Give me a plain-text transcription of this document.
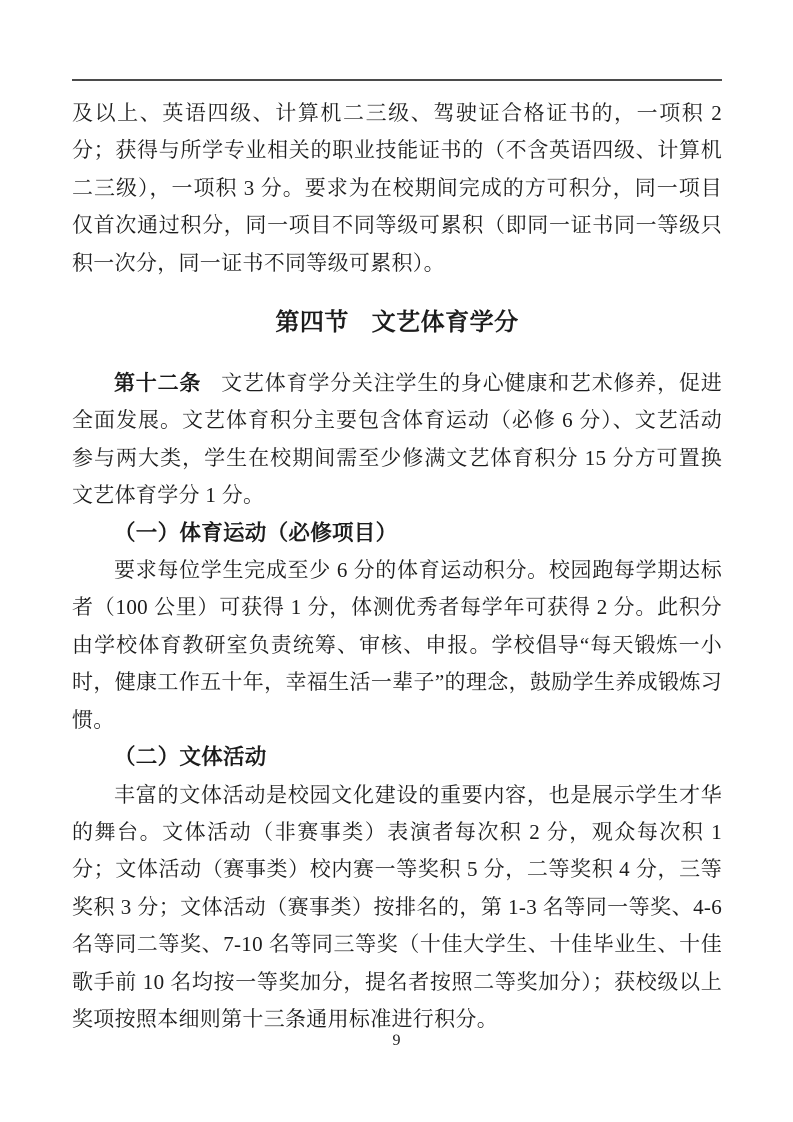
及以上、英语四级、计算机二三级、驾驶证合格证书的，一项积 2 分；获得与所学专业相关的职业技能证书的（不含英语四级、计算机二三级），一项积 3 分。要求为在校期间完成的方可积分，同一项目仅首次通过积分，同一项目不同等级可累积（即同一证书同一等级只积一次分，同一证书不同等级可累积）。

第四节 文艺体育学分

第十二条 文艺体育学分关注学生的身心健康和艺术修养，促进全面发展。文艺体育积分主要包含体育运动（必修 6 分）、文艺活动参与两大类，学生在校期间需至少修满文艺体育积分 15 分方可置换文艺体育学分 1 分。

（一）体育运动（必修项目）

要求每位学生完成至少 6 分的体育运动积分。校园跑每学期达标者（100 公里）可获得 1 分，体测优秀者每学年可获得 2 分。此积分由学校体育教研室负责统筹、审核、申报。学校倡导“每天锻炼一小时，健康工作五十年，幸福生活一辈子”的理念，鼓励学生养成锻炼习惯。

（二）文体活动

丰富的文体活动是校园文化建设的重要内容，也是展示学生才华的舞台。文体活动（非赛事类）表演者每次积 2 分，观众每次积 1 分；文体活动（赛事类）校内赛一等奖积 5 分，二等奖积 4 分，三等奖积 3 分；文体活动（赛事类）按排名的，第 1-3 名等同一等奖、4-6 名等同二等奖、7-10 名等同三等奖（十佳大学生、十佳毕业生、十佳歌手前 10 名均按一等奖加分，提名者按照二等奖加分）；获校级以上奖项按照本细则第十三条通用标准进行积分。

9
